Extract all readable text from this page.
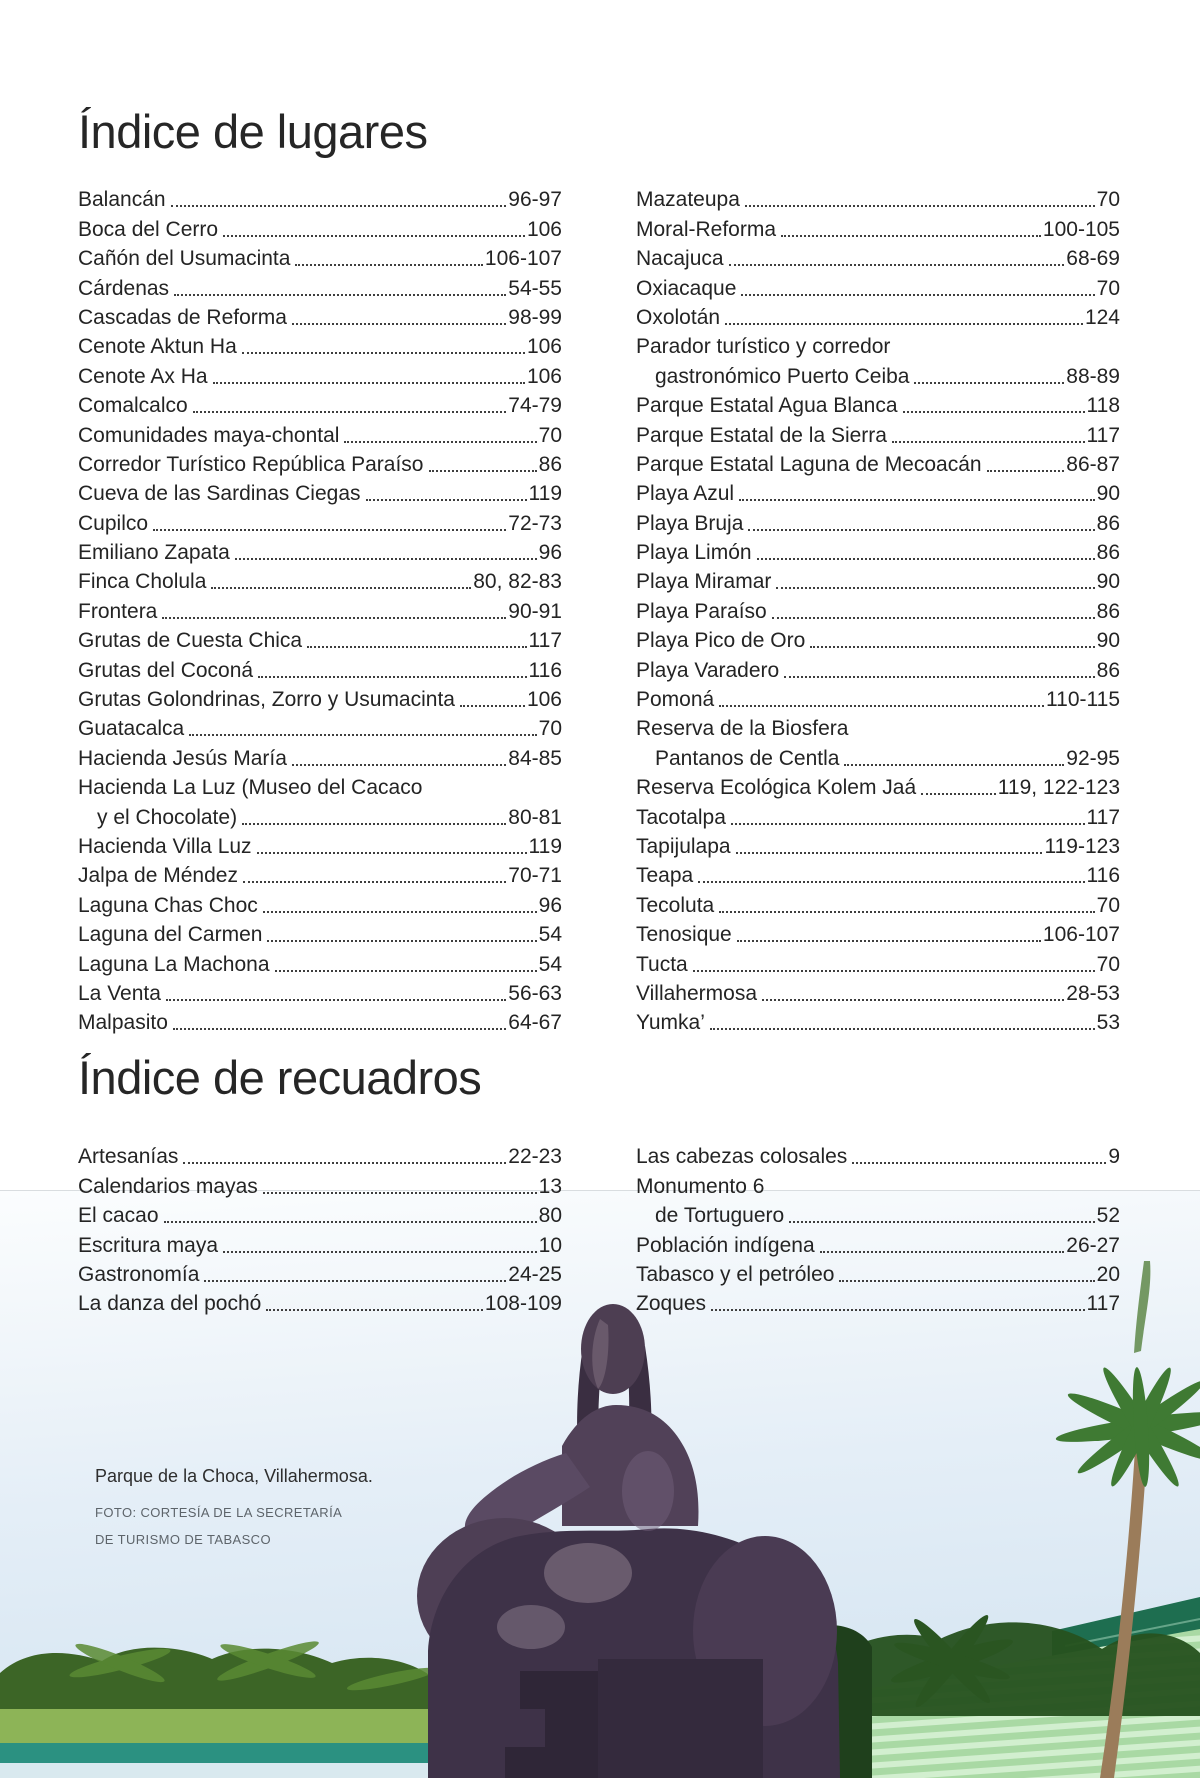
Índice de lugares
Balancán	96-97
Boca del Cerro	106
Cañón del Usumacinta	106-107
Cárdenas	54-55
Cascadas de Reforma	98-99
Cenote Aktun Ha	106
Cenote Ax Ha	106
Comalcalco	74-79
Comunidades maya-chontal	70
Corredor Turístico República Paraíso	86
Cueva de las Sardinas Ciegas	119
Cupilco	72-73
Emiliano Zapata	96
Finca Cholula	80, 82-83
Frontera	90-91
Grutas de Cuesta Chica	117
Grutas del Coconá	116
Grutas Golondrinas, Zorro y Usumacinta	106
Guatacalca	70
Hacienda Jesús María	84-85
Hacienda La Luz (Museo del Cacaco
y el Chocolate)	80-81
Hacienda Villa Luz	119
Jalpa de Méndez	70-71
Laguna Chas Choc	96
Laguna del Carmen	54
Laguna La Machona	54
La Venta	56-63
Malpasito	64-67
Mazateupa	70
Moral-Reforma	100-105
Nacajuca	68-69
Oxiacaque	70
Oxolotán	124
Parador turístico y corredor
gastronómico Puerto Ceiba	88-89
Parque Estatal Agua Blanca	118
Parque Estatal de la Sierra	117
Parque Estatal Laguna de Mecoacán	86-87
Playa Azul	90
Playa Bruja	86
Playa Limón	86
Playa Miramar	90
Playa Paraíso	86
Playa Pico de Oro	90
Playa Varadero	86
Pomoná	110-115
Reserva de la Biosfera
Pantanos de Centla	92-95
Reserva Ecológica Kolem Jaá	119, 122-123
Tacotalpa	117
Tapijulapa	119-123
Teapa	116
Tecoluta	70
Tenosique	106-107
Tucta	70
Villahermosa	28-53
Yumka’	53
Índice de recuadros
Artesanías	22-23
Calendarios mayas	13
El cacao	80
Escritura maya	10
Gastronomía	24-25
La danza del pochó	108-109
Las cabezas colosales	9
Monumento 6
de Tortuguero	52
Población indígena	26-27
Tabasco y el petróleo	20
Zoques	117

Parque de la Choca, Villahermosa.

FOTO: CORTESÍA DE LA SECRETARÍA
DE TURISMO DE TABASCO
